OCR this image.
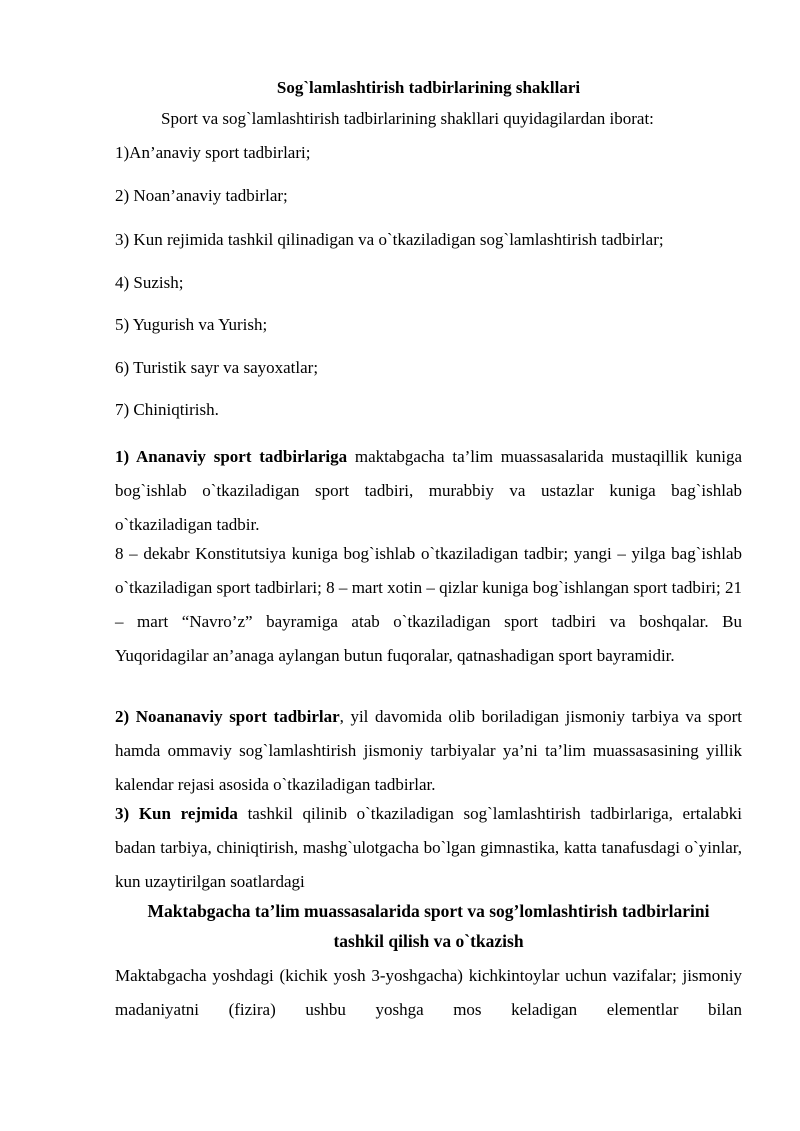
Sog`lamlashtirish tadbirlarining shakllari
Sport va sog`lamlashtirish tadbirlarining shakllari quyidagilardan iborat:
1)An’anaviy sport tadbirlari;
2) Noan’anaviy tadbirlar;
3) Kun rejimida tashkil qilinadigan va o`tkaziladigan sog`lamlashtirish tadbirlar;
4) Suzish;
5) Yugurish va Yurish;
6) Turistik sayr va sayoxatlar;
7) Chiniqtirish.
1) Ananaviy sport tadbirlariga maktabgacha ta’lim muassasalarida mustaqillik kuniga bog`ishlab o`tkaziladigan sport tadbiri, murabbiy va ustazlar kuniga bag`ishlab o`tkaziladigan tadbir.
8 – dekabr Konstitutsiya kuniga bog`ishlab o`tkaziladigan tadbir; yangi – yilga bag`ishlab o`tkaziladigan sport tadbirlari; 8 – mart xotin – qizlar kuniga bog`ishlangan sport tadbiri; 21 – mart “Navro’z” bayramiga atab o`tkaziladigan sport tadbiri va boshqalar. Bu Yuqoridagilar an’anaga aylangan butun fuqoralar, qatnashadigan sport bayramidir.
2) Noananaviy sport tadbirlar, yil davomida olib boriladigan jismoniy tarbiya va sport hamda ommaviy sog`lamlashtirish jismoniy tarbiyalar ya’ni ta’lim muassasasining yillik kalendar rejasi asosida o`tkaziladigan tadbirlar.
3) Kun rejmida tashkil qilinib o`tkaziladigan sog`lamlashtirish tadbirlariga, ertalabki badan tarbiya, chiniqtirish, mashg`ulotgacha bo`lgan gimnastika, katta tanafusdagi o`yinlar, kun uzaytirilgan soatlardagi
Maktabgacha ta’lim muassasalarida sport va sog’lomlashtirish tadbirlarini
tashkil qilish va o`tkazish
Maktabgacha yoshdagi (kichik yosh 3-yoshgacha) kichkintoylar uchun vazifalar; jismoniy madaniyatni (fizira) ushbu yoshga mos keladigan elementlar bilan
